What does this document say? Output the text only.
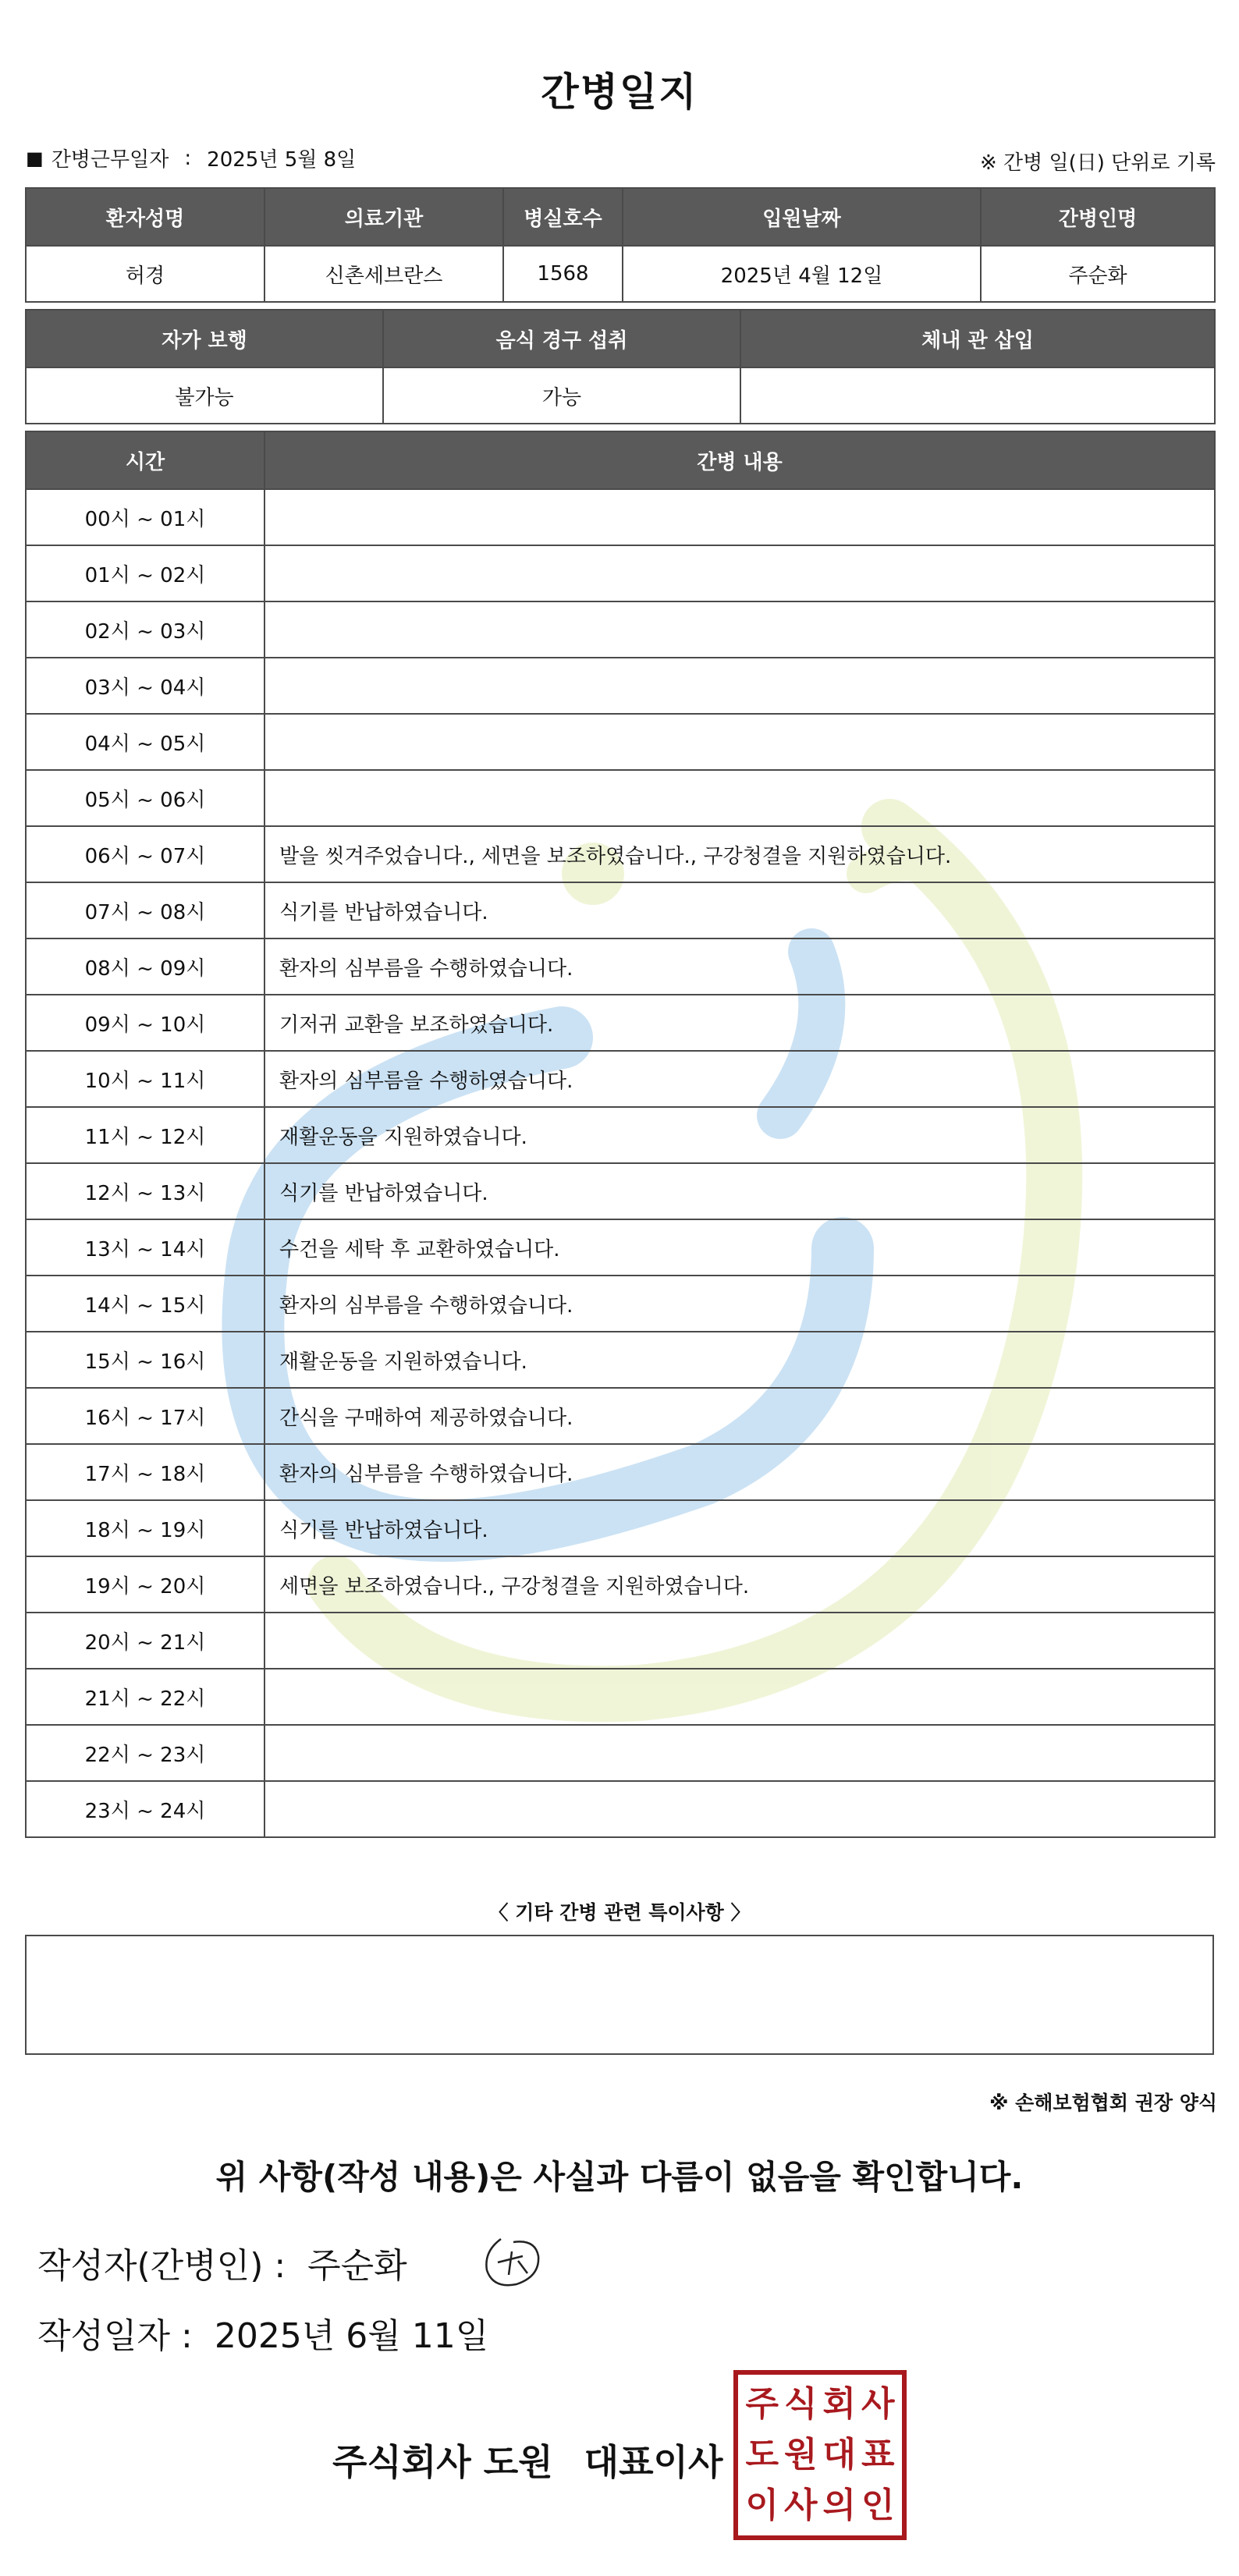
간병일지
■ 간병근무일자 : 2025년 5월 8일	※ 간병 일(日) 단위로 기록
환자성명	의료기관	병실호수	입원날짜	간병인명
허경	신촌세브란스	1568	2025년 4월 12일	주순화
자가 보행	음식 경구 섭취	체내 관 삽입
불가능	가능	
시간	간병 내용
00시 ~ 01시	
01시 ~ 02시	
02시 ~ 03시	
03시 ~ 04시	
04시 ~ 05시	
05시 ~ 06시	
06시 ~ 07시	발을 씻겨주었습니다., 세면을 보조하였습니다., 구강청결을 지원하였습니다.
07시 ~ 08시	식기를 반납하였습니다.
08시 ~ 09시	환자의 심부름을 수행하였습니다.
09시 ~ 10시	기저귀 교환을 보조하였습니다.
10시 ~ 11시	환자의 심부름을 수행하였습니다.
11시 ~ 12시	재활운동을 지원하였습니다.
12시 ~ 13시	식기를 반납하였습니다.
13시 ~ 14시	수건을 세탁 후 교환하였습니다.
14시 ~ 15시	환자의 심부름을 수행하였습니다.
15시 ~ 16시	재활운동을 지원하였습니다.
16시 ~ 17시	간식을 구매하여 제공하였습니다.
17시 ~ 18시	환자의 심부름을 수행하였습니다.
18시 ~ 19시	식기를 반납하였습니다.
19시 ~ 20시	세면을 보조하였습니다., 구강청결을 지원하였습니다.
20시 ~ 21시	
21시 ~ 22시	
22시 ~ 23시	
23시 ~ 24시	
〈 기타 간병 관련 특이사항 〉
※ 손해보험협회 권장 양식
위 사항(작성 내용)은 사실과 다름이 없음을 확인합니다.
작성자(간병인) : 주순화
작성일자 : 2025년 6월 11일
주식회사 도원 대표이사
주 식 회 사
도 원 대 표
이 사 의 인
